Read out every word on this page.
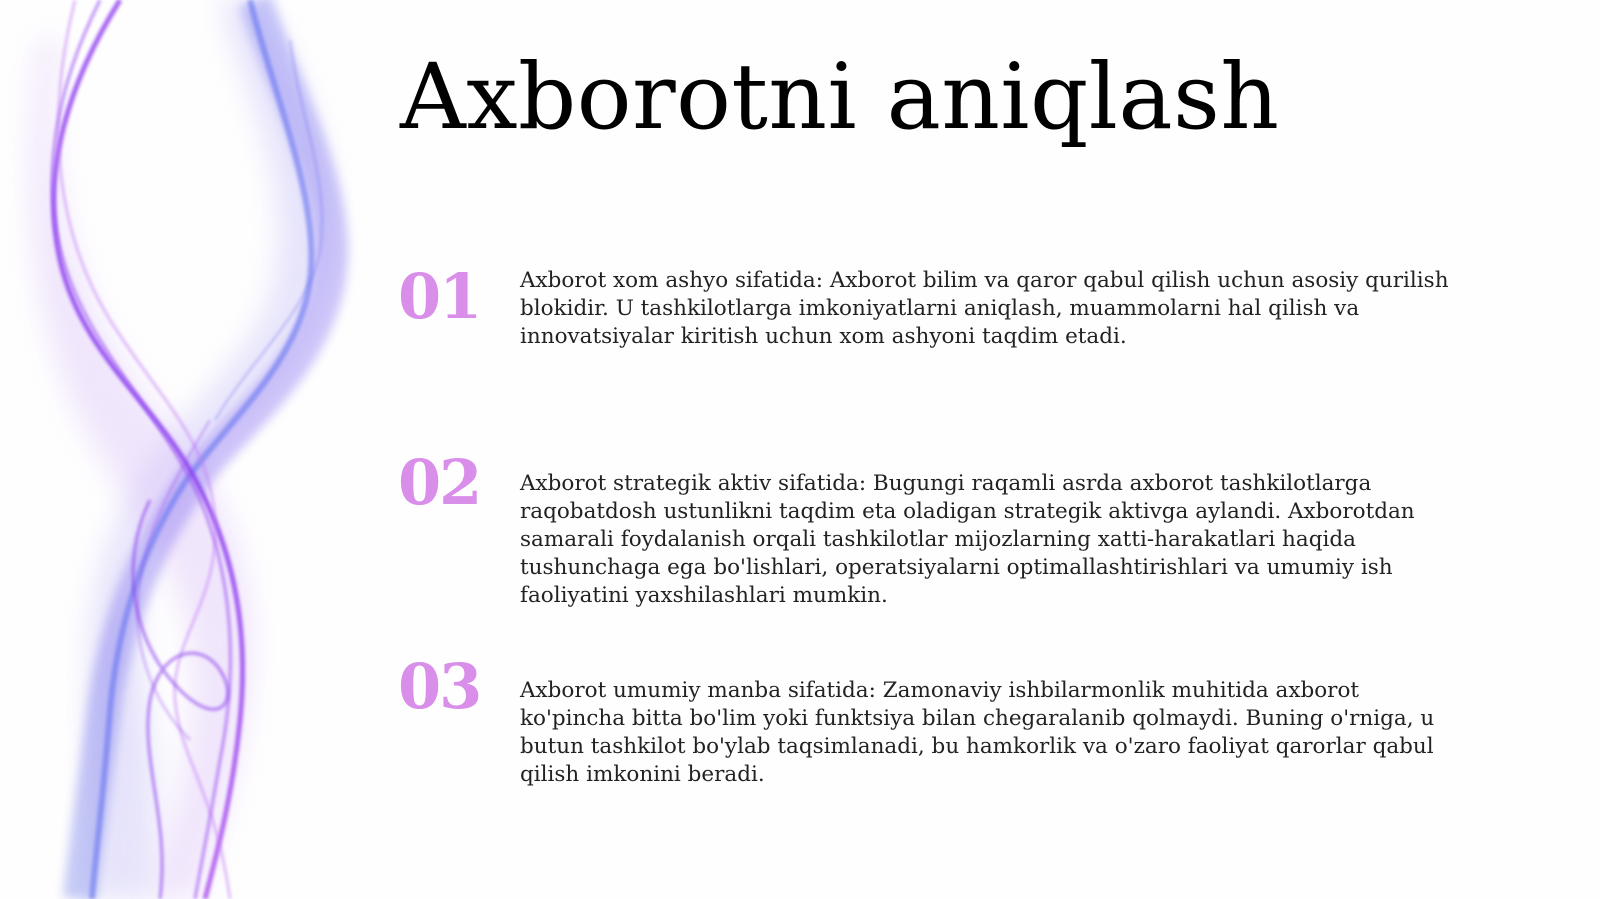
Axborotni aniqlash
01 Axborot xom ashyo sifatida: Axborot bilim va qaror qabul qilish uchun asosiy qurilish blokidir. U tashkilotlarga imkoniyatlarni aniqlash, muammolarni hal qilish va innovatsiyalar kiritish uchun xom ashyoni taqdim etadi.

02 Axborot strategik aktiv sifatida: Bugungi raqamli asrda axborot tashkilotlarga raqobatdosh ustunlikni taqdim eta oladigan strategik aktivga aylandi. Axborotdan samarali foydalanish orqali tashkilotlar mijozlarning xatti-harakatlari haqida tushunchaga ega bo'lishlari, operatsiyalarni optimallashtirishlari va umumiy ish faoliyatini yaxshilashlari mumkin.

03 Axborot umumiy manba sifatida: Zamonaviy ishbilarmonlik muhitida axborot ko'pincha bitta bo'lim yoki funktsiya bilan chegaralanib qolmaydi. Buning o'rniga, u butun tashkilot bo'ylab taqsimlanadi, bu hamkorlik va o'zaro faoliyat qarorlar qabul qilish imkonini beradi.
